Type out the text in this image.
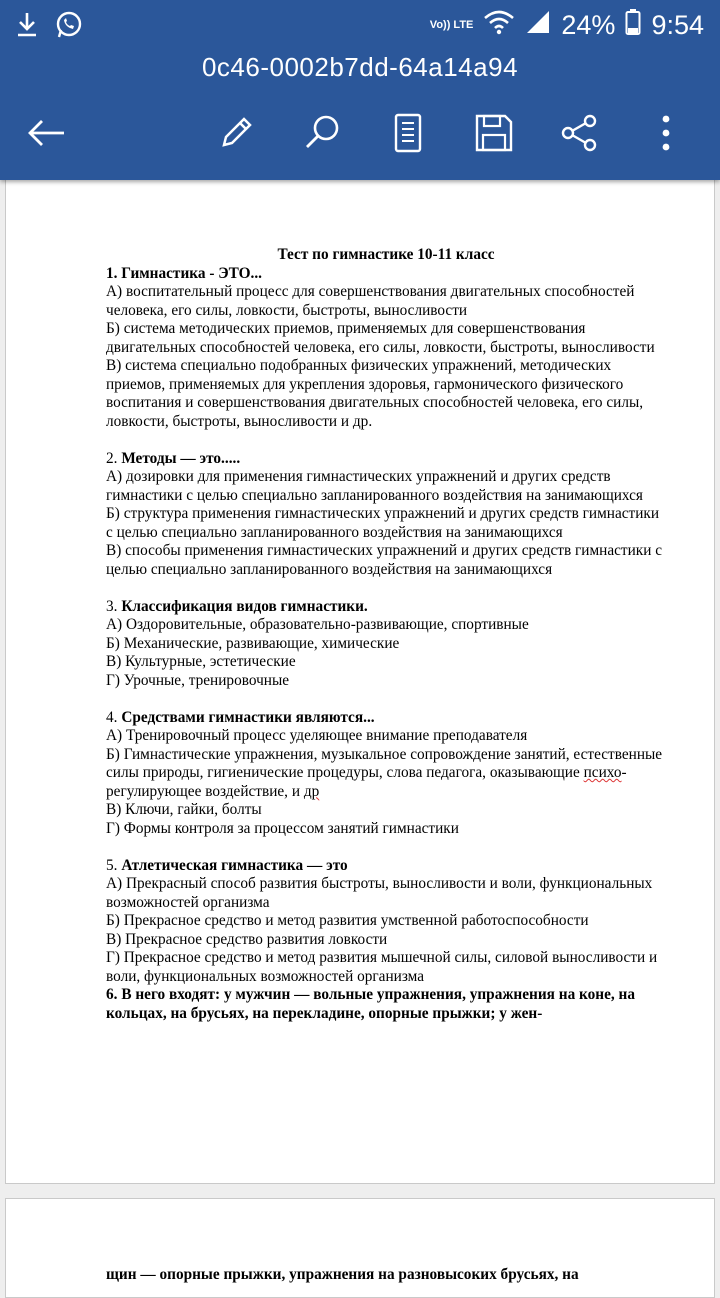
Vo)) LTE	24% 9:54
0c46-0002b7dd-64a14a94

Тест по гимнастике 10-11 класс

1. Гимнастика - ЭТО...

А) воспитательный процесс для совершенствования двигательных способностей человека, его силы, ловкости, быстроты, выносливости

Б) система методических приемов, применяемых для совершенствования двигательных способностей человека, его силы, ловкости, быстроты, выносливости

В) система специально подобранных физических упражнений, методических приемов, применяемых для укрепления здоровья, гармонического физического воспитания и совершенствования двигательных способностей человека, его силы, ловкости, быстроты, выносливости и др.

2. Методы — это.....

А) дозировки для применения гимнастических упражнений и других средств гимнастики с целью специально запланированного воздействия на занимающихся

Б) структура применения гимнастических упражнений и других средств гимнастики с целью специально запланированного воздействия на занимающихся

В) способы применения гимнастических упражнений и других средств гимнастики с целью специально запланированного воздействия на занимающихся

3. Классификация видов гимнастики.

А) Оздоровительные, образовательно-развивающие, спортивные

Б) Механические, развивающие, химические

В) Культурные, эстетические

Г) Урочные, тренировочные

4. Средствами гимнастики являются...

А) Тренировочный процесс уделяющее внимание преподавателя

Б) Гимнастические упражнения, музыкальное сопровождение занятий, естественные силы природы, гигиенические процедуры, слова педагога, оказывающие психо-регулирующее воздействие, и др

В) Ключи, гайки, болты

Г) Формы контроля за процессом занятий гимнастики

5. Атлетическая гимнастика — это

А) Прекрасный способ развития быстроты, выносливости и воли, функциональных возможностей организма

Б) Прекрасное средство и метод развития умственной работоспособности

В) Прекрасное средство развития ловкости

Г) Прекрасное средство и метод развития мышечной силы, силовой выносливости и воли, функциональных возможностей организма

6. В него входят: у мужчин — вольные упражнения, упражнения на коне, на кольцах, на брусьях, на перекладине, опорные прыжки; у жен-

щин — опорные прыжки, упражнения на разновысоких брусьях, на
